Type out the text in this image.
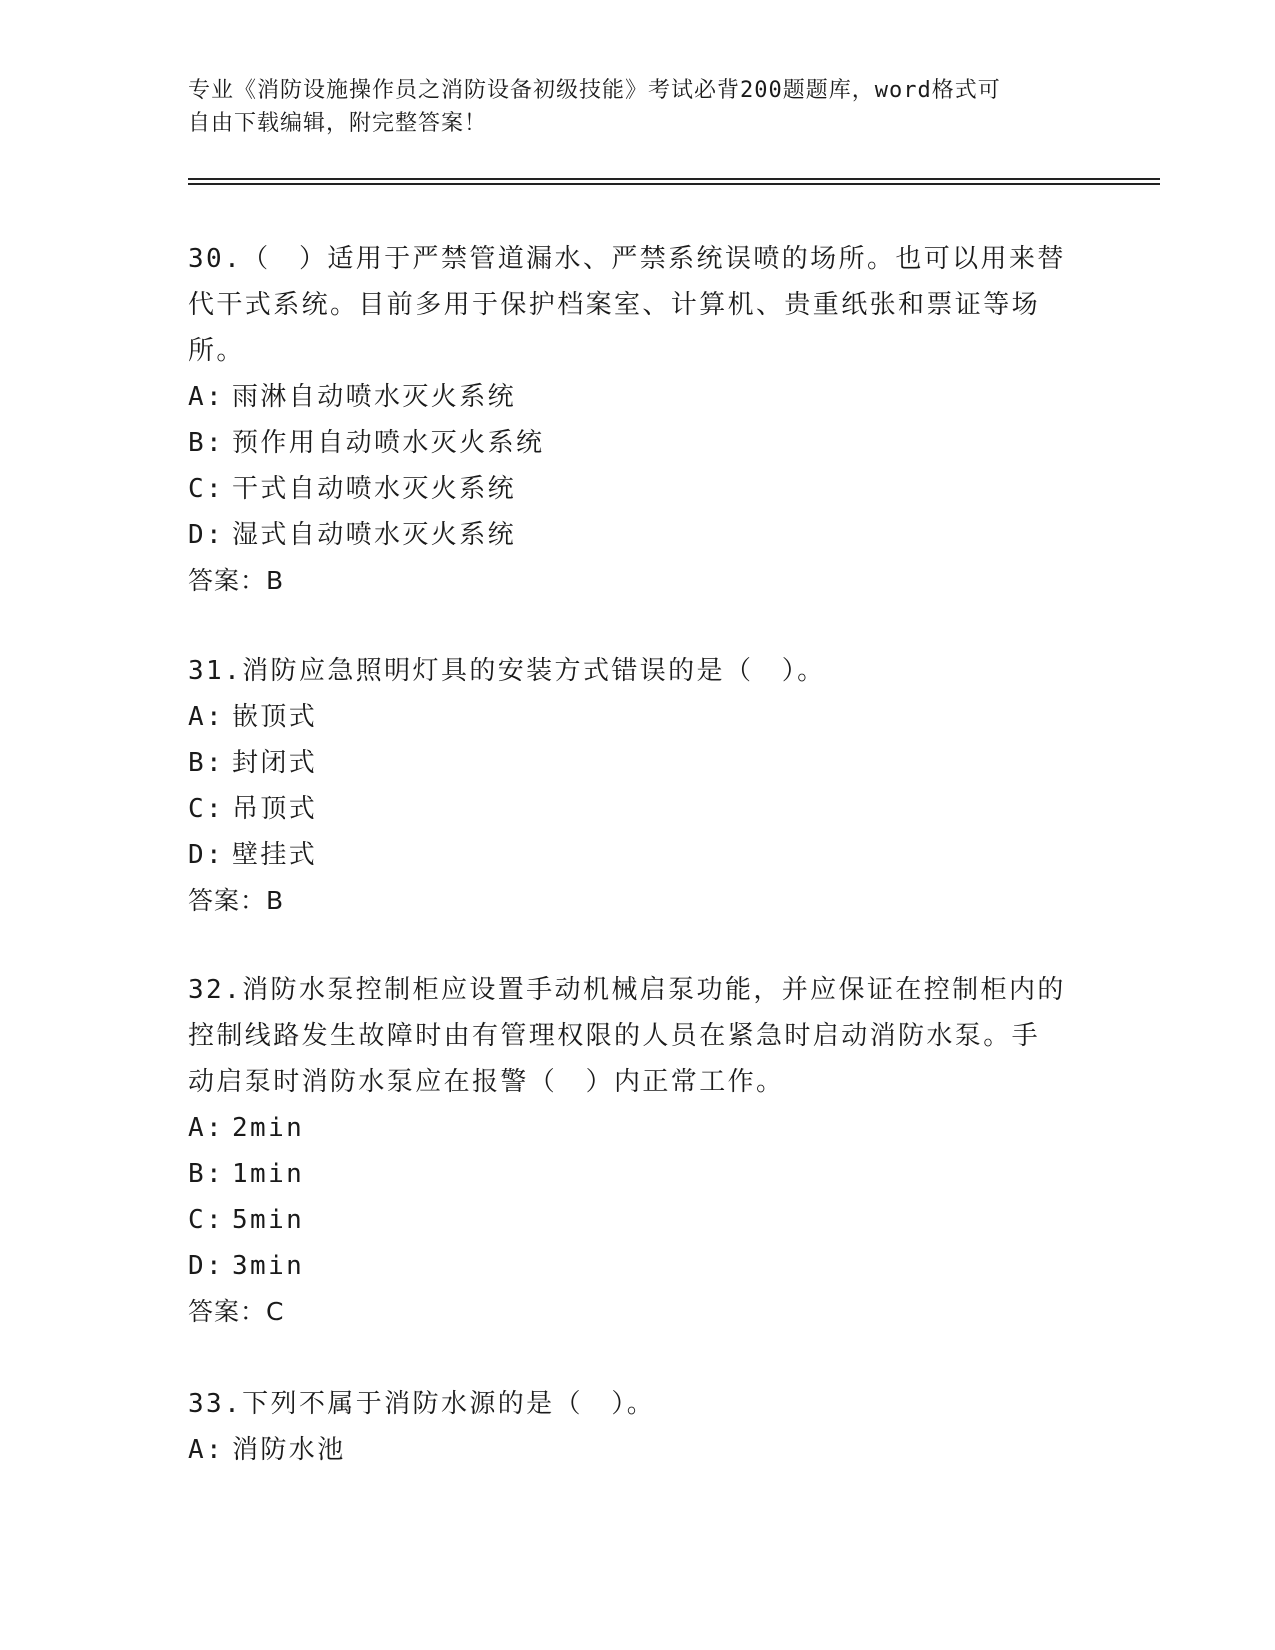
专业《消防设施操作员之消防设备初级技能》考试必背200题题库，word格式可
自由下载编辑，附完整答案！
30.（　）适用于严禁管道漏水、严禁系统误喷的场所。也可以用来替
代干式系统。目前多用于保护档案室、计算机、贵重纸张和票证等场
所。
A: 雨淋自动喷水灭火系统
B: 预作用自动喷水灭火系统
C: 干式自动喷水灭火系统
D: 湿式自动喷水灭火系统
答案：B
31.消防应急照明灯具的安装方式错误的是（　）。
A: 嵌顶式
B: 封闭式
C: 吊顶式
D: 壁挂式
答案：B
32.消防水泵控制柜应设置手动机械启泵功能，并应保证在控制柜内的
控制线路发生故障时由有管理权限的人员在紧急时启动消防水泵。手
动启泵时消防水泵应在报警（　）内正常工作。
A: 2min
B: 1min
C: 5min
D: 3min
答案：C
33.下列不属于消防水源的是（　）。
A: 消防水池
